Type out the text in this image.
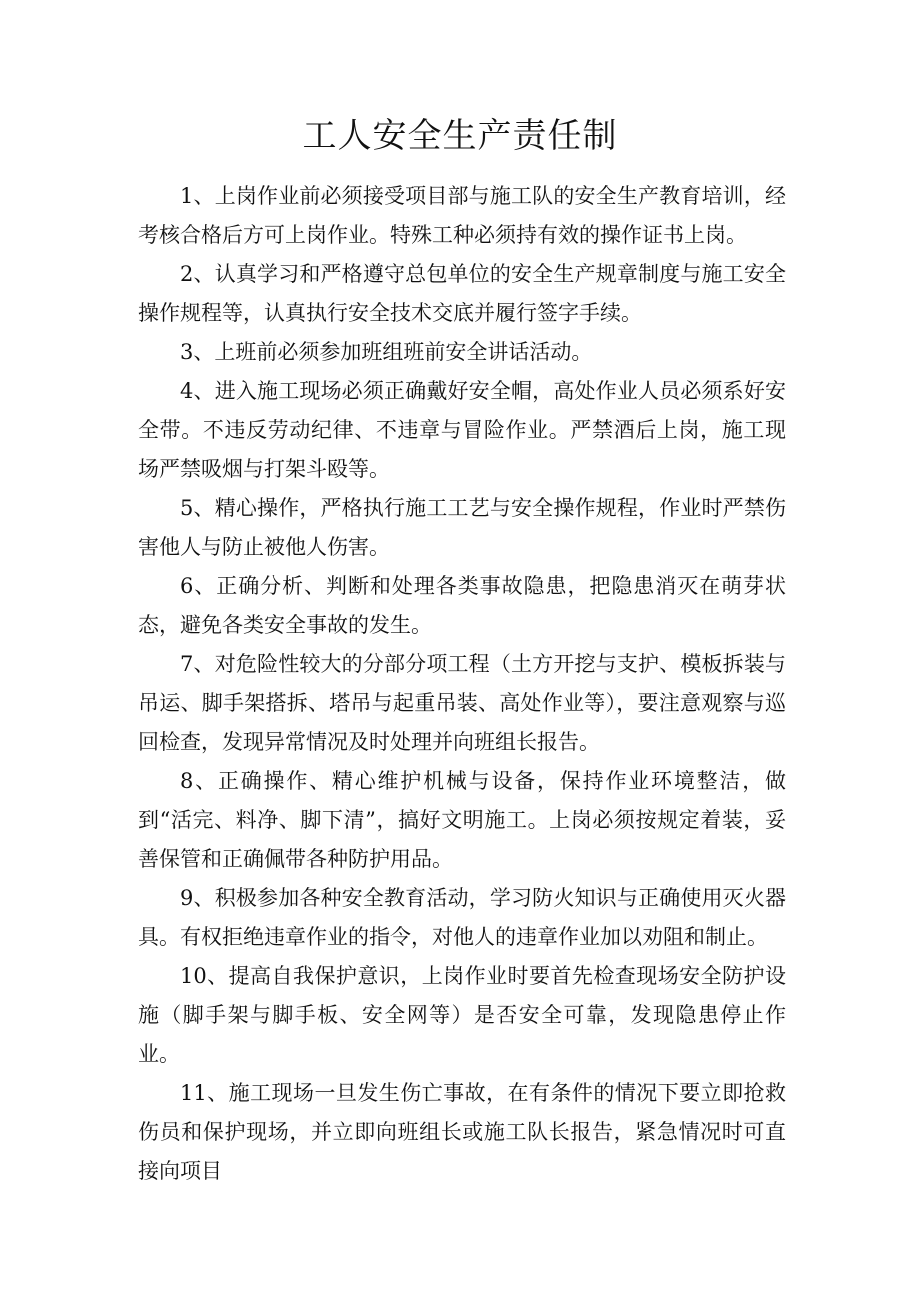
工人安全生产责任制

1、上岗作业前必须接受项目部与施工队的安全生产教育培训，经考核合格后方可上岗作业。特殊工种必须持有效的操作证书上岗。

2、认真学习和严格遵守总包单位的安全生产规章制度与施工安全操作规程等，认真执行安全技术交底并履行签字手续。

3、上班前必须参加班组班前安全讲话活动。

4、进入施工现场必须正确戴好安全帽，高处作业人员必须系好安全带。不违反劳动纪律、不违章与冒险作业。严禁酒后上岗，施工现场严禁吸烟与打架斗殴等。

5、精心操作，严格执行施工工艺与安全操作规程，作业时严禁伤害他人与防止被他人伤害。

6、正确分析、判断和处理各类事故隐患，把隐患消灭在萌芽状态，避免各类安全事故的发生。

7、对危险性较大的分部分项工程（土方开挖与支护、模板拆装与吊运、脚手架搭拆、塔吊与起重吊装、高处作业等），要注意观察与巡回检查，发现异常情况及时处理并向班组长报告。

8、正确操作、精心维护机械与设备，保持作业环境整洁，做到“活完、料净、脚下清”，搞好文明施工。上岗必须按规定着装，妥善保管和正确佩带各种防护用品。

9、积极参加各种安全教育活动，学习防火知识与正确使用灭火器具。有权拒绝违章作业的指令，对他人的违章作业加以劝阻和制止。

10、提高自我保护意识，上岗作业时要首先检查现场安全防护设施（脚手架与脚手板、安全网等）是否安全可靠，发现隐患停止作业。

11、施工现场一旦发生伤亡事故，在有条件的情况下要立即抢救伤员和保护现场，并立即向班组长或施工队长报告，紧急情况时可直接向项目
